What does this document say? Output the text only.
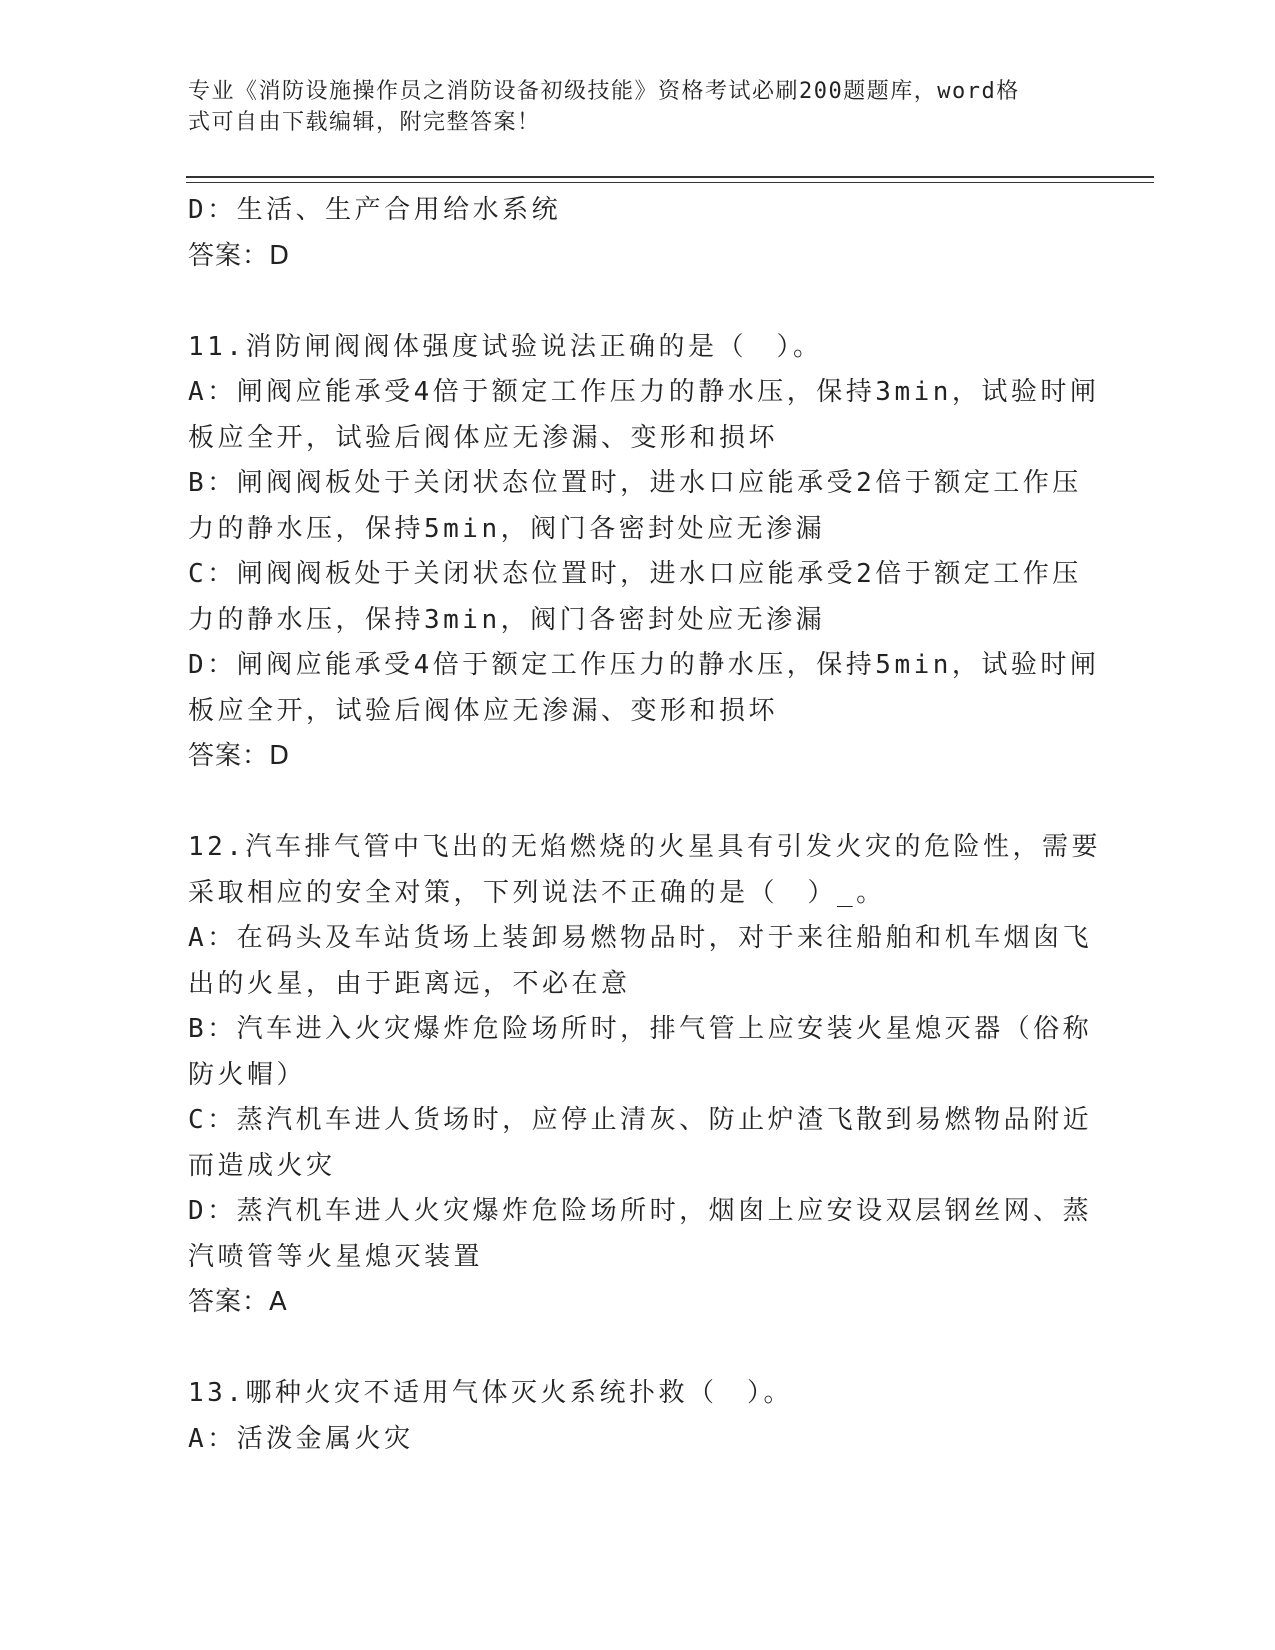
专业《消防设施操作员之消防设备初级技能》资格考试必刷200题题库，word格
式可自由下载编辑，附完整答案！
D：生活、生产合用给水系统
答案：D
11.消防闸阀阀体强度试验说法正确的是（　）。
A：闸阀应能承受4倍于额定工作压力的静水压，保持3min，试验时闸
板应全开，试验后阀体应无渗漏、变形和损坏
B：闸阀阀板处于关闭状态位置时，进水口应能承受2倍于额定工作压
力的静水压，保持5min，阀门各密封处应无渗漏
C：闸阀阀板处于关闭状态位置时，进水口应能承受2倍于额定工作压
力的静水压，保持3min，阀门各密封处应无渗漏
D：闸阀应能承受4倍于额定工作压力的静水压，保持5min，试验时闸
板应全开，试验后阀体应无渗漏、变形和损坏
答案：D
12.汽车排气管中飞出的无焰燃烧的火星具有引发火灾的危险性，需要
采取相应的安全对策，下列说法不正确的是（　）_。
A：在码头及车站货场上装卸易燃物品时，对于来往船舶和机车烟囱飞
出的火星，由于距离远，不必在意
B：汽车进入火灾爆炸危险场所时，排气管上应安装火星熄灭器（俗称
防火帽）
C：蒸汽机车进人货场时，应停止清灰、防止炉渣飞散到易燃物品附近
而造成火灾
D：蒸汽机车进人火灾爆炸危险场所时，烟囱上应安设双层钢丝网、蒸
汽喷管等火星熄灭装置
答案：A
13.哪种火灾不适用气体灭火系统扑救（　）。
A：活泼金属火灾
